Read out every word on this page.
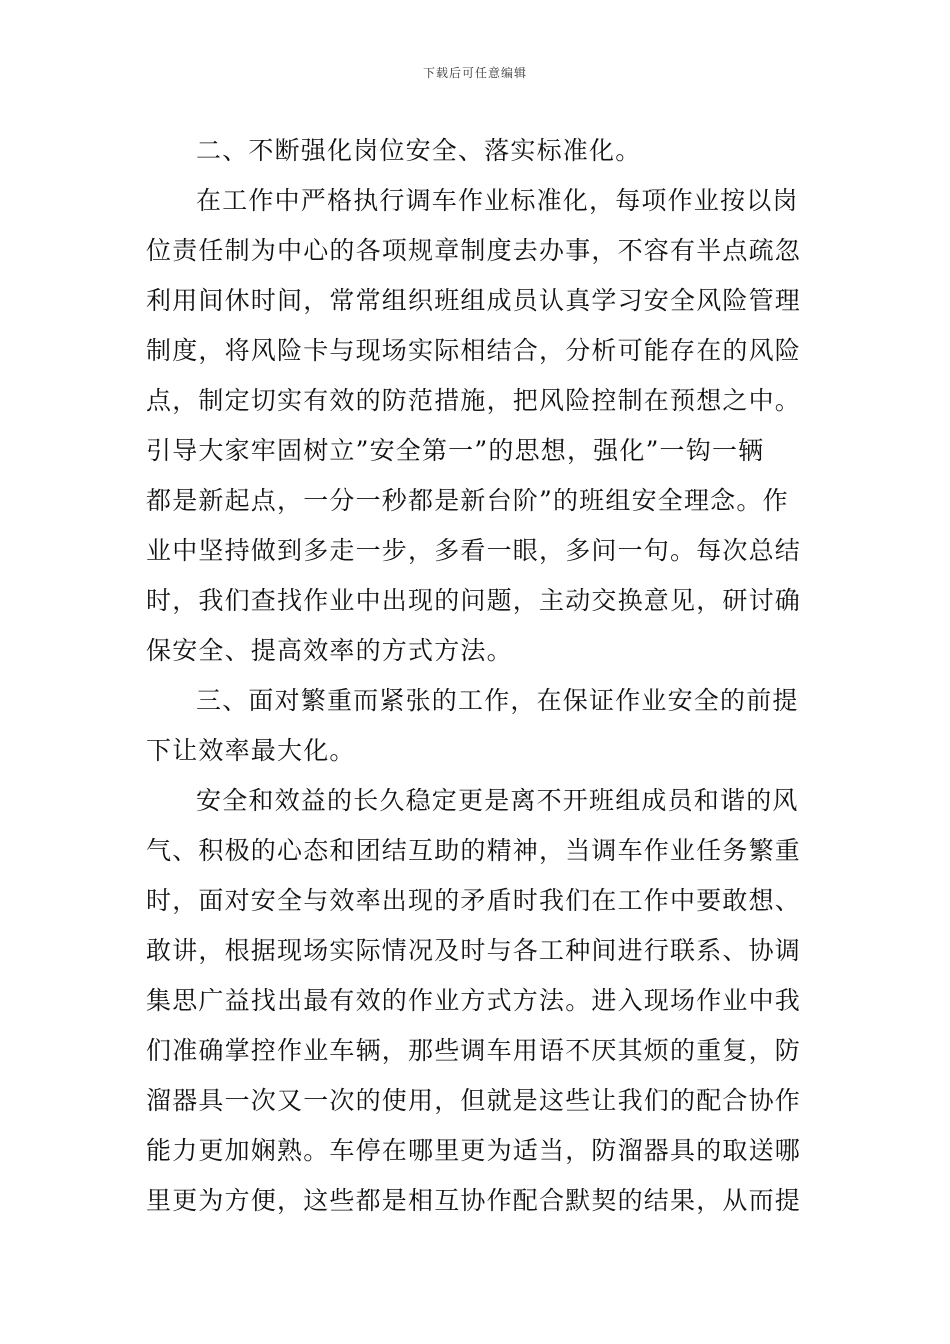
下载后可任意编辑
二、不断强化岗位安全、落实标准化。
在工作中严格执行调车作业标准化，每项作业按以岗
位责任制为中心的各项规章制度去办事，不容有半点疏忽
利用间休时间，常常组织班组成员认真学习安全风险管理
制度，将风险卡与现场实际相结合，分析可能存在的风险
点，制定切实有效的防范措施，把风险控制在预想之中。
引导大家牢固树立”安全第一”的思想，强化”一钩一辆
都是新起点，一分一秒都是新台阶”的班组安全理念。作
业中坚持做到多走一步，多看一眼，多问一句。每次总结
时，我们查找作业中出现的问题，主动交换意见，研讨确
保安全、提高效率的方式方法。
三、面对繁重而紧张的工作，在保证作业安全的前提
下让效率最大化。
安全和效益的长久稳定更是离不开班组成员和谐的风
气、积极的心态和团结互助的精神，当调车作业任务繁重
时，面对安全与效率出现的矛盾时我们在工作中要敢想、
敢讲，根据现场实际情况及时与各工种间进行联系、协调
集思广益找出最有效的作业方式方法。进入现场作业中我
们准确掌控作业车辆，那些调车用语不厌其烦的重复，防
溜器具一次又一次的使用，但就是这些让我们的配合协作
能力更加娴熟。车停在哪里更为适当，防溜器具的取送哪
里更为方便，这些都是相互协作配合默契的结果，从而提
